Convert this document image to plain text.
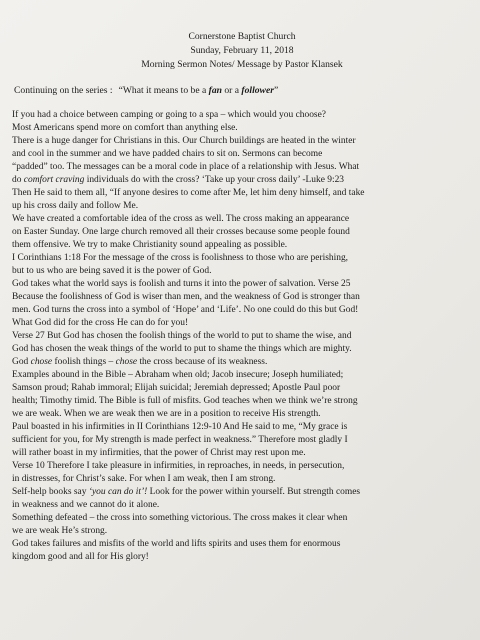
Cornerstone Baptist Church
Sunday, February 11, 2018
Morning Sermon Notes/ Message by Pastor Klansek
Continuing on the series : “What it means to be a fan or a follower”
If you had a choice between camping or going to a spa – which would you choose?
Most Americans spend more on comfort than anything else.
There is a huge danger for Christians in this. Our Church buildings are heated in the winter
and cool in the summer and we have padded chairs to sit on. Sermons can become
“padded” too. The messages can be a moral code in place of a relationship with Jesus. What
do comfort craving individuals do with the cross? ‘Take up your cross daily’ -Luke 9:23
Then He said to them all, “If anyone desires to come after Me, let him deny himself, and take
up his cross daily and follow Me.
We have created a comfortable idea of the cross as well. The cross making an appearance
on Easter Sunday. One large church removed all their crosses because some people found
them offensive. We try to make Christianity sound appealing as possible.
I Corinthians 1:18 For the message of the cross is foolishness to those who are perishing,
but to us who are being saved it is the power of God.
God takes what the world says is foolish and turns it into the power of salvation. Verse 25
Because the foolishness of God is wiser than men, and the weakness of God is stronger than
men. God turns the cross into a symbol of ‘Hope’ and ‘Life’. No one could do this but God!
What God did for the cross He can do for you!
Verse 27 But God has chosen the foolish things of the world to put to shame the wise, and
God has chosen the weak things of the world to put to shame the things which are mighty.
God chose foolish things – chose the cross because of its weakness.
Examples abound in the Bible – Abraham when old; Jacob insecure; Joseph humiliated;
Samson proud; Rahab immoral; Elijah suicidal; Jeremiah depressed; Apostle Paul poor
health; Timothy timid. The Bible is full of misfits. God teaches when we think we’re strong
we are weak. When we are weak then we are in a position to receive His strength.
Paul boasted in his infirmities in II Corinthians 12:9-10 And He said to me, “My grace is
sufficient for you, for My strength is made perfect in weakness.” Therefore most gladly I
will rather boast in my infirmities, that the power of Christ may rest upon me.
Verse 10 Therefore I take pleasure in infirmities, in reproaches, in needs, in persecution,
in distresses, for Christ’s sake. For when I am weak, then I am strong.
Self-help books say ‘you can do it’! Look for the power within yourself. But strength comes
in weakness and we cannot do it alone.
Something defeated – the cross into something victorious. The cross makes it clear when
we are weak He’s strong.
God takes failures and misfits of the world and lifts spirits and uses them for enormous
kingdom good and all for His glory!
